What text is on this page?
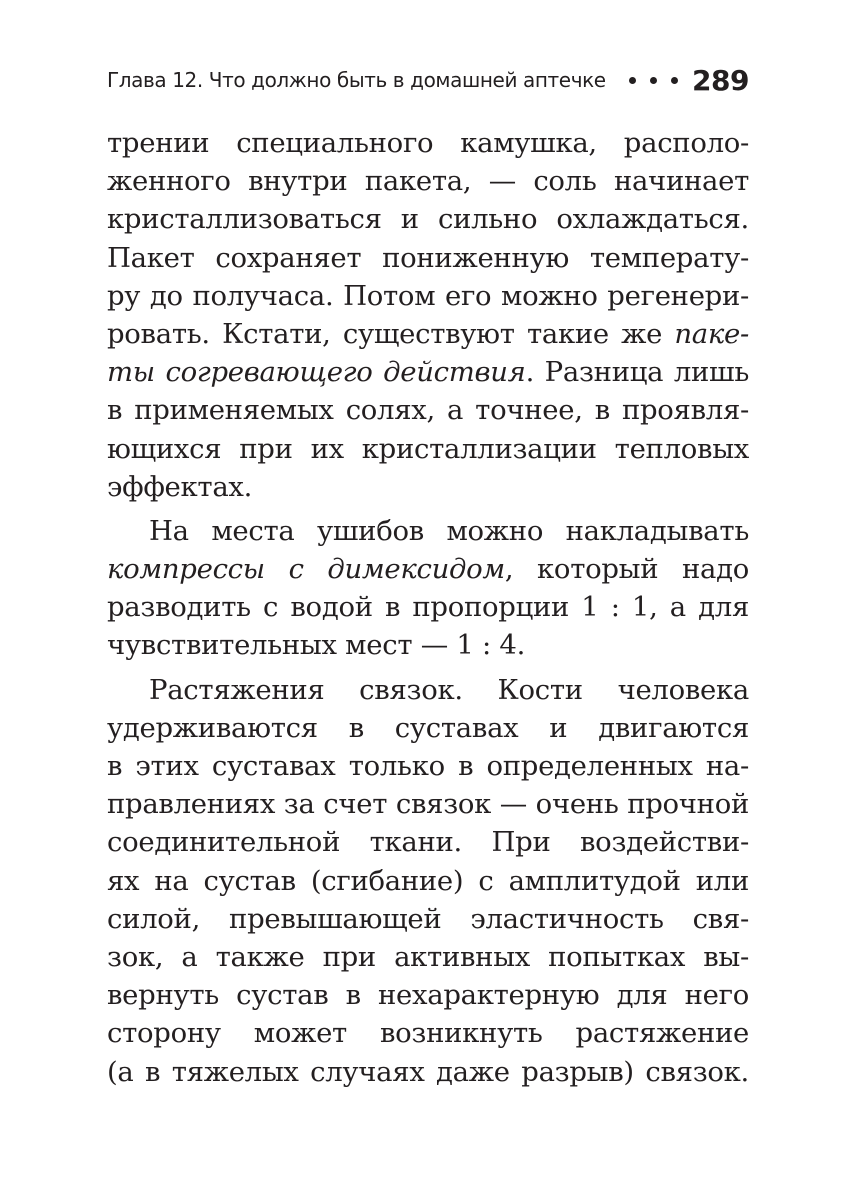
Глава 12. Что должно быть в домашней аптечке	289
трении специального камушка, располо-
женного внутри пакета, — соль начинает
кристаллизоваться и сильно охлаждаться.
Пакет сохраняет пониженную температу-
ру до получаса. Потом его можно регенери-
ровать. Кстати, существуют такие же паке-
ты согревающего действия. Разница лишь
в применяемых солях, а точнее, в проявля-
ющихся при их кристаллизации тепловых
эффектах.
На места ушибов можно накладывать
компрессы с димексидом, который надо
разводить с водой в пропорции 1 : 1, а для
чувствительных мест — 1 : 4.
Растяжения связок. Кости человека
удерживаются в суставах и двигаются
в этих суставах только в определенных на-
правлениях за счет связок — очень прочной
соединительной ткани. При воздействи-
ях на сустав (сгибание) с амплитудой или
силой, превышающей эластичность свя-
зок, а также при активных попытках вы-
вернуть сустав в нехарактерную для него
сторону может возникнуть растяжение
(а в тяжелых случаях даже разрыв) связок.
